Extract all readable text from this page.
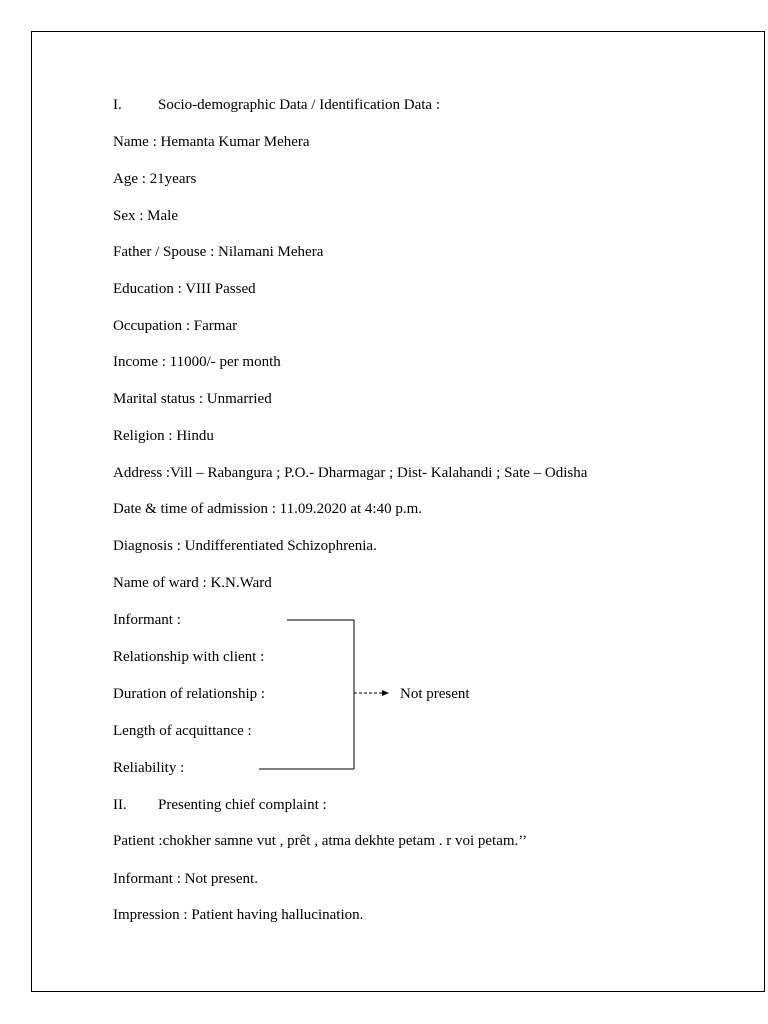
I. Socio-demographic Data / Identification Data :
Name : Hemanta Kumar Mehera
Age : 21years
Sex : Male
Father / Spouse : Nilamani Mehera
Education : VIII Passed
Occupation : Farmar
Income : 11000/- per month
Marital status : Unmarried
Religion : Hindu
Address :Vill – Rabangura ; P.O.- Dharmagar ; Dist- Kalahandi ; Sate – Odisha
Date & time of admission : 11.09.2020 at 4:40 p.m.
Diagnosis : Undifferentiated Schizophrenia.
Name of ward : K.N.Ward
Informant :
Relationship with client :
Duration of relationship :
Length of acquittance :
Reliability :
Not present
II. Presenting chief complaint :
Patient :chokher samne vut , prêt , atma dekhte petam . r voi petam.’’
Informant : Not present.
Impression : Patient having hallucination.
